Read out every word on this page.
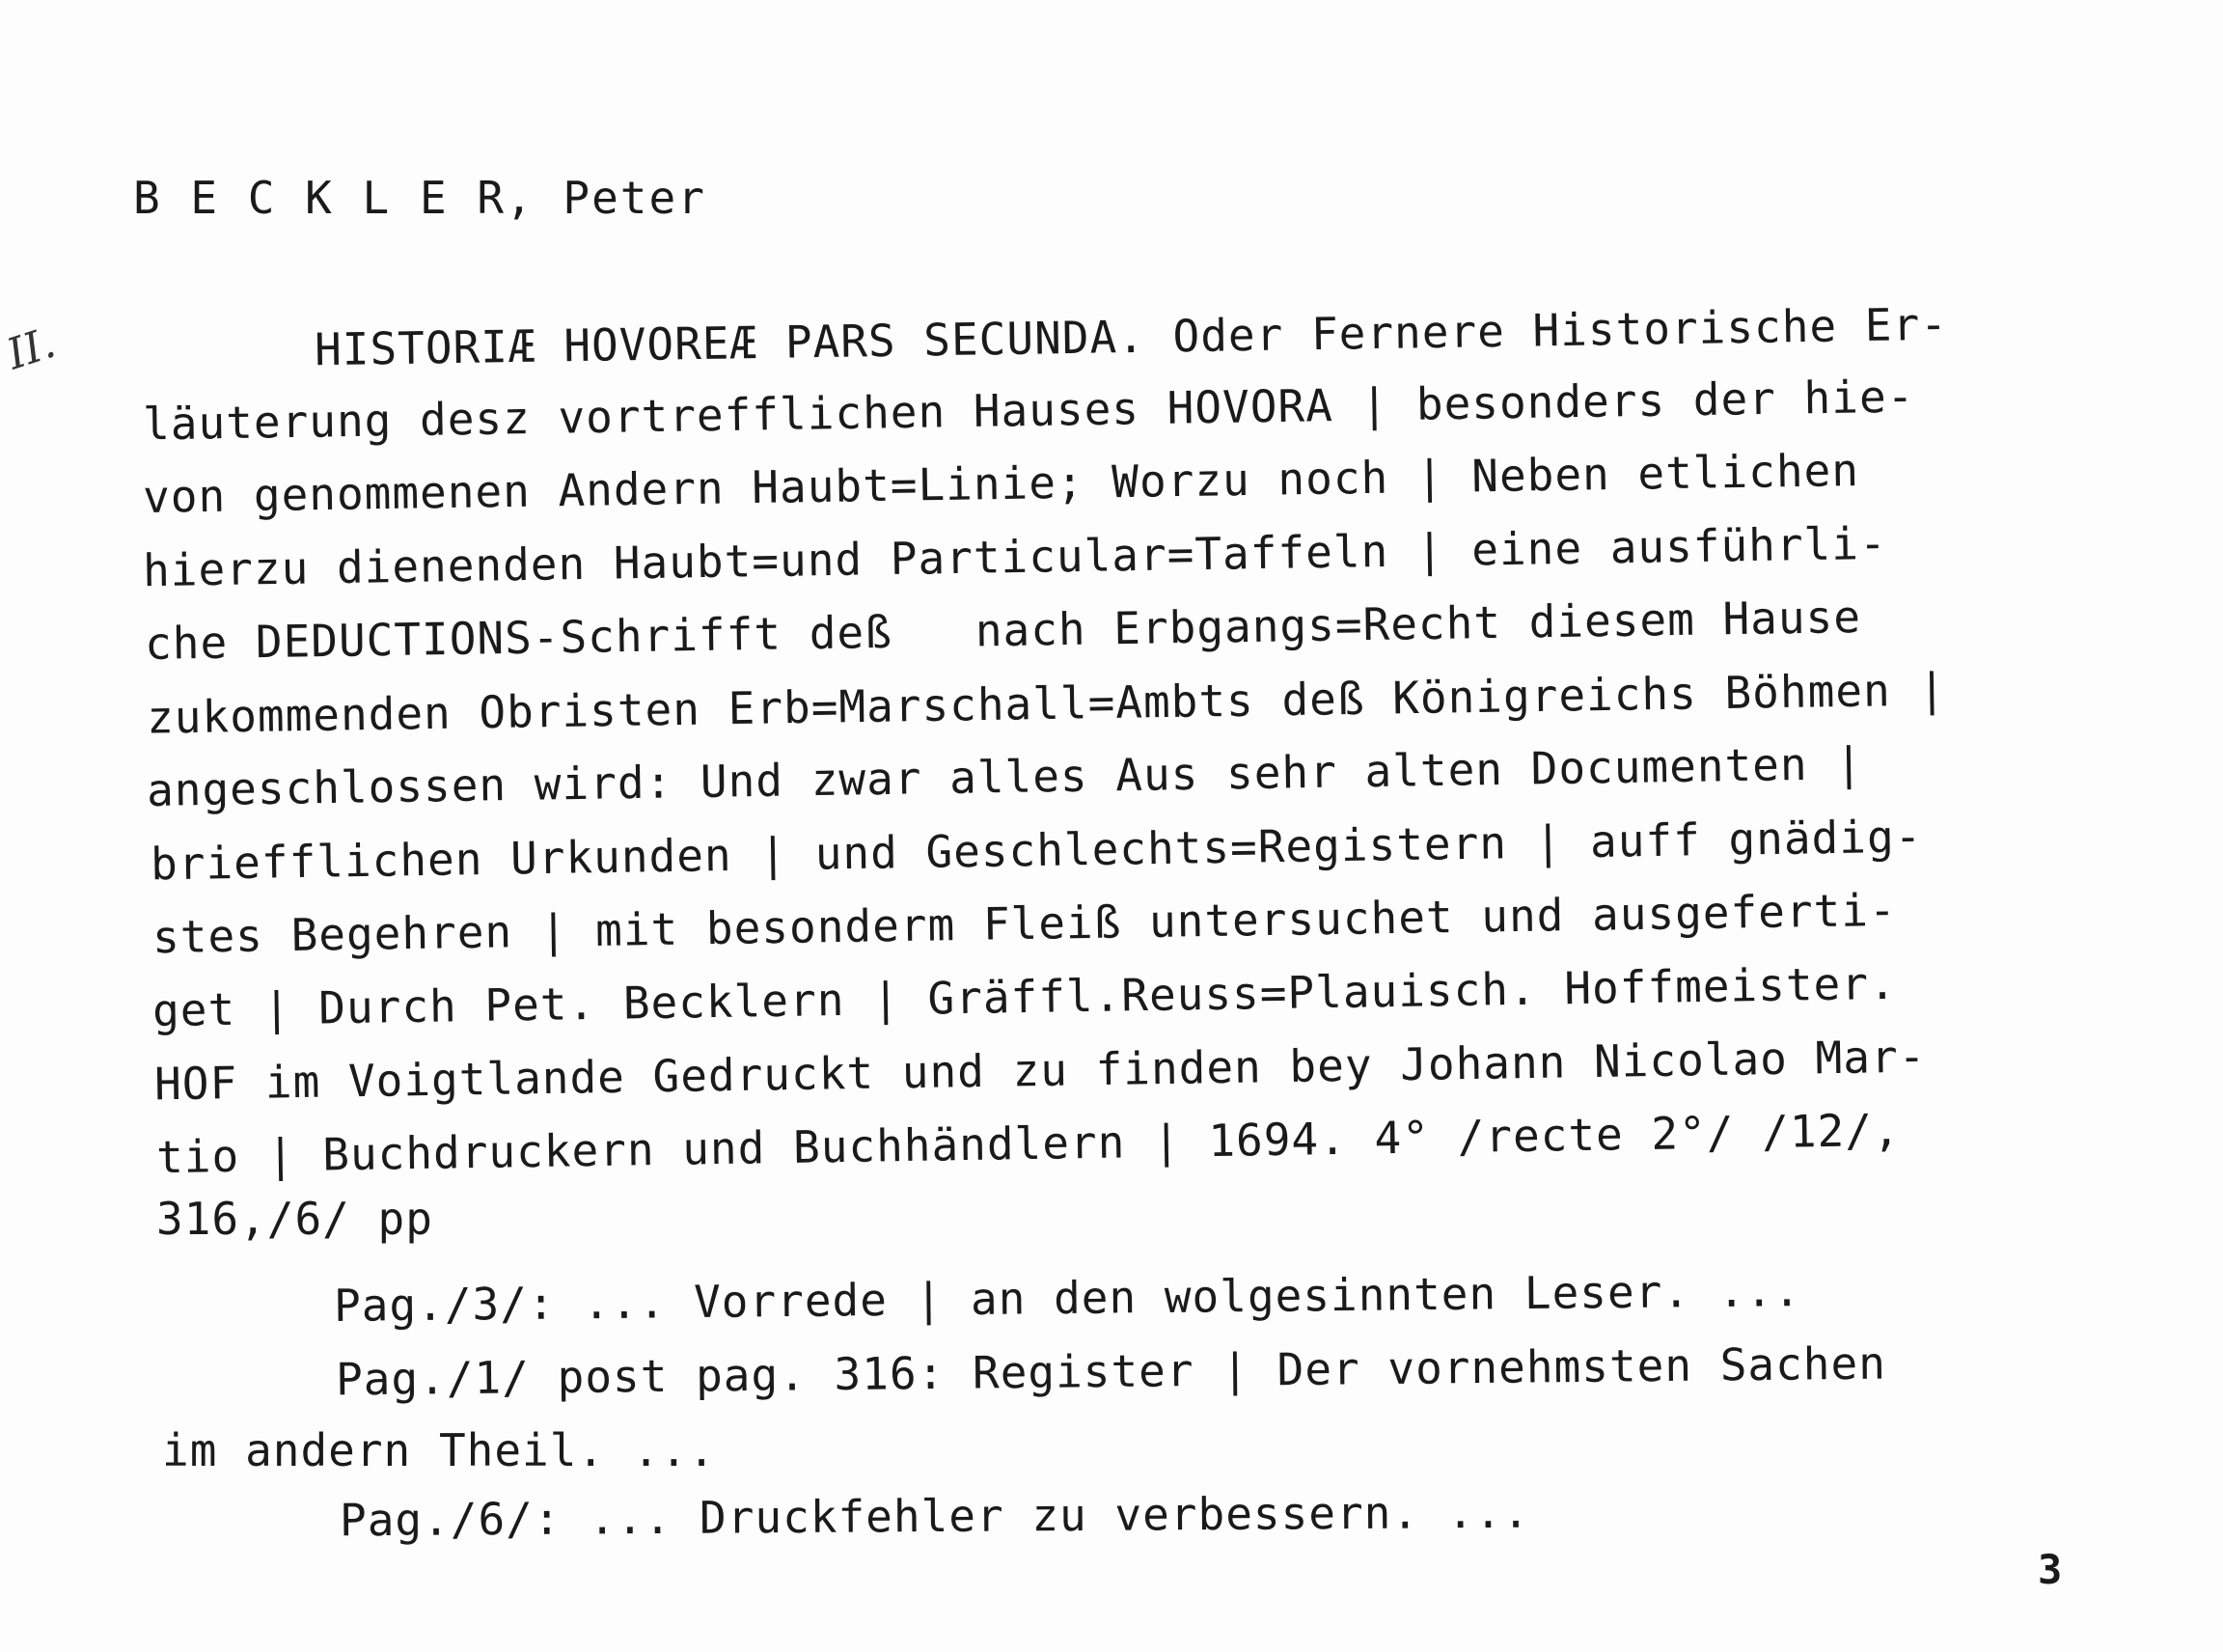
B E C K L E R, Peter
II.	HISTORIÆ HOVOREÆ PARS SECUNDA. Oder Fernere Historische Er-
läuterung desz vortrefflichen Hauses HOVORA | besonders der hie-
von genommenen Andern Haubt=Linie; Worzu noch | Neben etlichen
hierzu dienenden Haubt=und Particular=Taffeln | eine ausführli-
che DEDUCTIONS-Schrifft deß   nach Erbgangs=Recht diesem Hause
zukommenden Obristen Erb=Marschall=Ambts deß Königreichs Böhmen |
angeschlossen wird: Und zwar alles Aus sehr alten Documenten |
briefflichen Urkunden | und Geschlechts=Registern | auff gnädig-
stes Begehren | mit besonderm Fleiß untersuchet und ausgeferti-
get | Durch Pet. Becklern | Gräffl.Reuss=Plauisch. Hoffmeister.
HOF im Voigtlande Gedruckt und zu finden bey Johann Nicolao Mar-
tio | Buchdruckern und Buchhändlern | 1694. 4° /recte 2°/ /12/,
316,/6/ pp
Pag./3/: ... Vorrede | an den wolgesinnten Leser. ...
Pag./1/ post pag. 316: Register | Der vornehmsten Sachen
im andern Theil. ...
Pag./6/: ... Druckfehler zu verbessern. ...
3
